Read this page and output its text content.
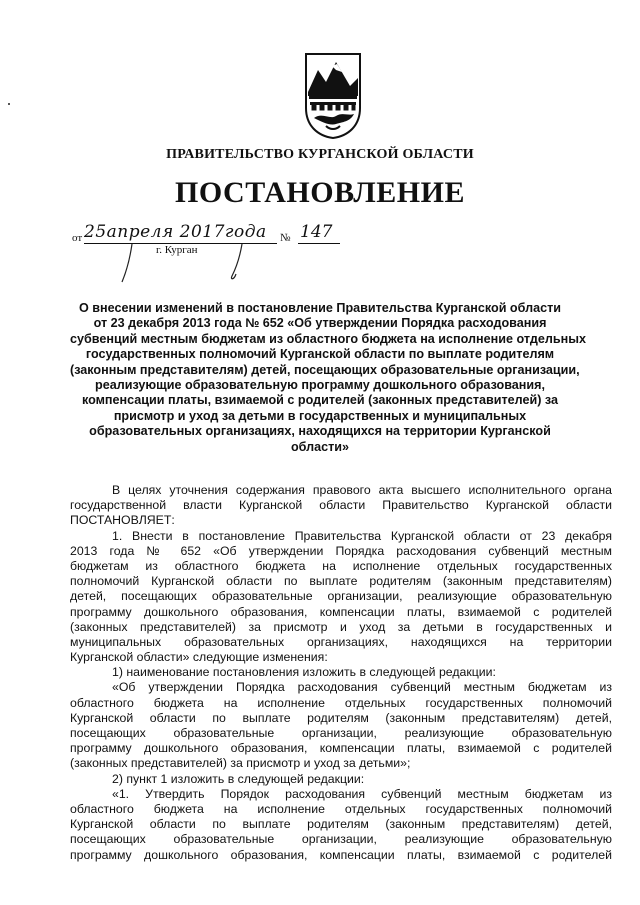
ПРАВИТЕЛЬСТВО КУРГАНСКОЙ ОБЛАСТИ
ПОСТАНОВЛЕНИЕ
от 25апреля 2017года № 147
г. Курган
О внесении изменений в постановление Правительства Курганской области
от 23 декабря 2013 года № 652 «Об утверждении Порядка расходования
субвенций местным бюджетам из областного бюджета на исполнение отдельных
государственных полномочий Курганской области по выплате родителям
(законным представителям) детей, посещающих образовательные организации,
реализующие образовательную программу дошкольного образования,
компенсации платы, взимаемой с родителей (законных представителей) за
присмотр и уход за детьми в государственных и муниципальных
образовательных организациях, находящихся на территории Курганской
области»
В целях уточнения содержания правового акта высшего исполнительного органа
государственной власти Курганской области Правительство Курганской области
ПОСТАНОВЛЯЕТ:
1. Внести в постановление Правительства Курганской области от 23 декабря
2013 года № 652 «Об утверждении Порядка расходования субвенций местным
бюджетам из областного бюджета на исполнение отдельных государственных
полномочий Курганской области по выплате родителям (законным представителям)
детей, посещающих образовательные организации, реализующие образовательную
программу дошкольного образования, компенсации платы, взимаемой с родителей
(законных представителей) за присмотр и уход за детьми в государственных и
муниципальных образовательных организациях, находящихся на территории
Курганской области» следующие изменения:
1) наименование постановления изложить в следующей редакции:
«Об утверждении Порядка расходования субвенций местным бюджетам из
областного бюджета на исполнение отдельных государственных полномочий
Курганской области по выплате родителям (законным представителям) детей,
посещающих образовательные организации, реализующие образовательную
программу дошкольного образования, компенсации платы, взимаемой с родителей
(законных представителей) за присмотр и уход за детьми»;
2) пункт 1 изложить в следующей редакции:
«1. Утвердить Порядок расходования субвенций местным бюджетам из
областного бюджета на исполнение отдельных государственных полномочий
Курганской области по выплате родителям (законным представителям) детей,
посещающих образовательные организации, реализующие образовательную
программу дошкольного образования, компенсации платы, взимаемой с родителей
